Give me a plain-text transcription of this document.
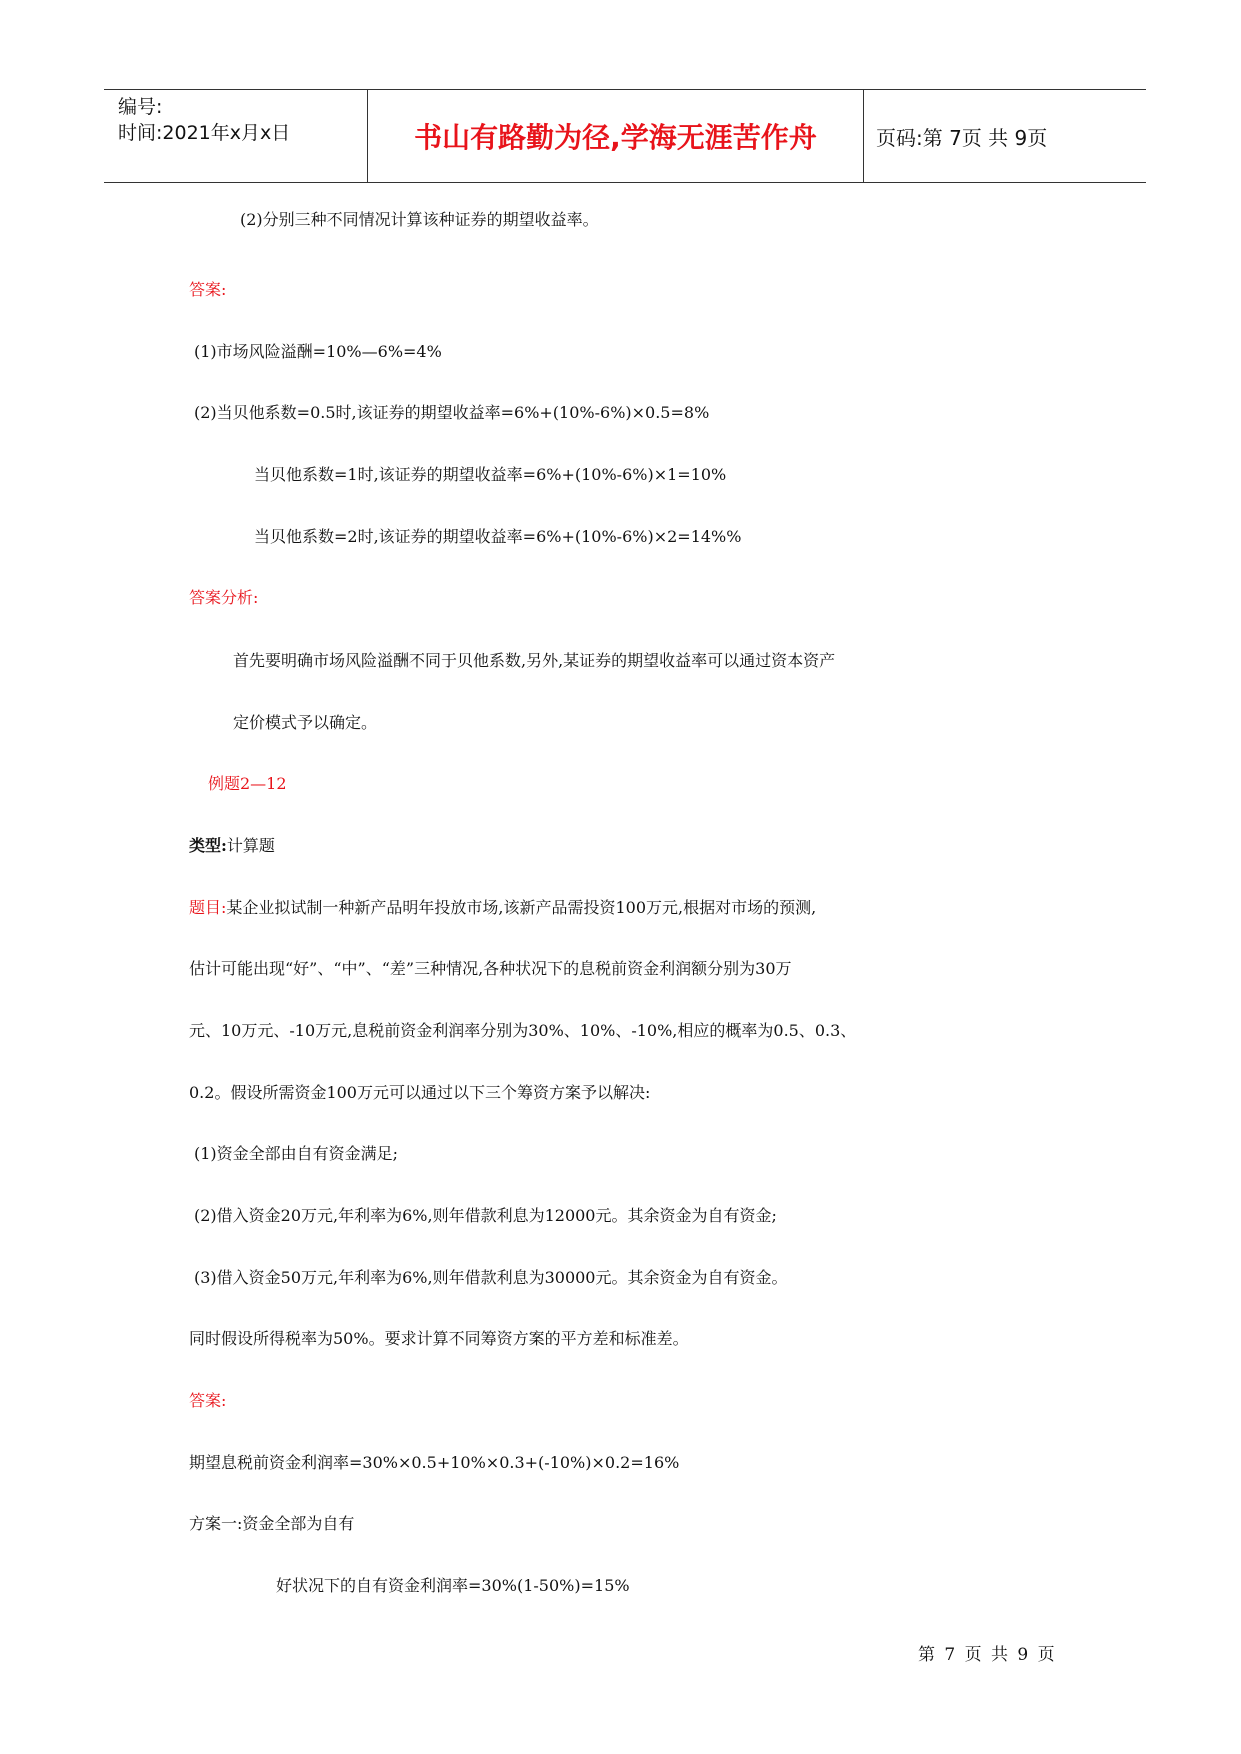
编号:
时间:2021年x月x日	书山有路勤为径,学海无涯苦作舟	页码:第 7页 共 9页
(2)分别三种不同情况计算该种证券的期望收益率。
答案:
(1)市场风险溢酬=10%—6%=4%
(2)当贝他系数=0.5时,该证券的期望收益率=6%+(10%-6%)×0.5=8%
当贝他系数=1时,该证券的期望收益率=6%+(10%-6%)×1=10%
当贝他系数=2时,该证券的期望收益率=6%+(10%-6%)×2=14%%
答案分析:
首先要明确市场风险溢酬不同于贝他系数,另外,某证券的期望收益率可以通过资本资产
定价模式予以确定。
例题2—12
类型:计算题
题目:某企业拟试制一种新产品明年投放市场,该新产品需投资100万元,根据对市场的预测,
估计可能出现“好”、“中”、“差”三种情况,各种状况下的息税前资金利润额分别为30万
元、10万元、-10万元,息税前资金利润率分别为30%、10%、-10%,相应的概率为0.5、0.3、
0.2。假设所需资金100万元可以通过以下三个筹资方案予以解决:
(1)资金全部由自有资金满足;
(2)借入资金20万元,年利率为6%,则年借款利息为12000元。其余资金为自有资金;
(3)借入资金50万元,年利率为6%,则年借款利息为30000元。其余资金为自有资金。
同时假设所得税率为50%。要求计算不同筹资方案的平方差和标准差。
答案:
期望息税前资金利润率=30%×0.5+10%×0.3+(-10%)×0.2=16%
方案一:资金全部为自有
好状况下的自有资金利润率=30%(1-50%)=15%
第 7 页 共 9 页
